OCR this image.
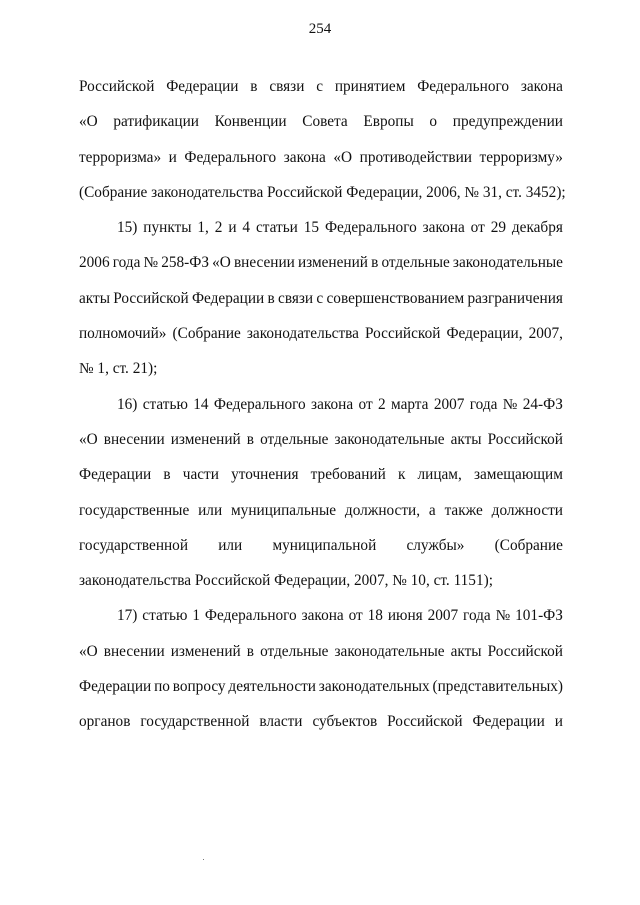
254
Российской Федерации в связи с принятием Федерального закона
«О ратификации Конвенции Совета Европы о предупреждении
терроризма» и Федерального закона «О противодействии терроризму»
(Собрание законодательства Российской Федерации, 2006, № 31, ст. 3452);
15) пункты 1, 2 и 4 статьи 15 Федерального закона от 29 декабря
2006 года № 258-ФЗ «О внесении изменений в отдельные законодательные
акты Российской Федерации в связи с совершенствованием разграничения
полномочий» (Собрание законодательства Российской Федерации, 2007,
№ 1, ст. 21);
16) статью 14 Федерального закона от 2 марта 2007 года № 24-ФЗ
«О внесении изменений в отдельные законодательные акты Российской
Федерации в части уточнения требований к лицам, замещающим
государственные или муниципальные должности, а также должности
государственной или муниципальной службы» (Собрание
законодательства Российской Федерации, 2007, № 10, ст. 1151);
17) статью 1 Федерального закона от 18 июня 2007 года № 101-ФЗ
«О внесении изменений в отдельные законодательные акты Российской
Федерации по вопросу деятельности законодательных (представительных)
органов государственной власти субъектов Российской Федерации и
